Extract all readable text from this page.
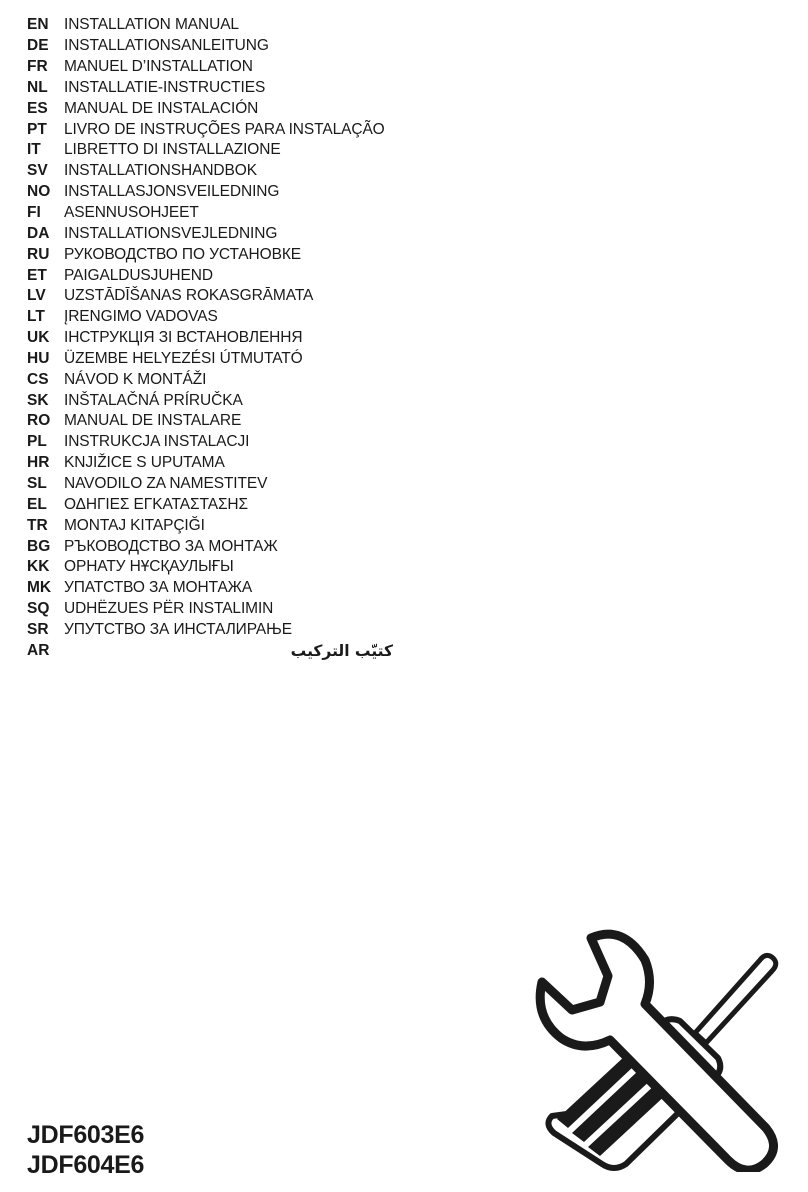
EN INSTALLATION MANUAL
DE INSTALLATIONSANLEITUNG
FR	MANUEL D’INSTALLATION
NL	INSTALLATIE-INSTRUCTIES
ES	MANUAL DE INSTALACIÓN
PT	LIVRO DE INSTRUÇÕES PARA INSTALAÇÃO
IT	LIBRETTO DI INSTALLAZIONE
SV	INSTALLATIONSHANDBOK
NO INSTALLASJONSVEILEDNING
FI	ASENNUSOHJEET
DA INSTALLATIONSVEJLEDNING
RU РУКОВОДСТВО ПО УСТАНОВКЕ
ET	PAIGALDUSJUHEND
LV	UZSTĀDĪŠANAS ROKASGRĀMATA
LT	ĮRENGIMO VADOVAS
UK ІНСТРУКЦІЯ ЗІ ВСТАНОВЛЕННЯ
HU ÜZEMBE HELYEZÉSI ÚTMUTATÓ
CS NÁVOD K MONTÁŽI
SK INŠTALAČNÁ PRÍRUČKA
RO MANUAL DE INSTALARE
PL	INSTRUKCJA INSTALACJI
HR KNJIŽICE S UPUTAMA
SL	NAVODILO ZA NAMESTITEV
EL	ΟΔΗΓΙΕΣ ΕΓΚΑΤΑΣΤΑΣΗΣ
TR	MONTAJ KITAPÇIĞI
BG РЪКОВОДСТВО ЗА МОНТАЖ
KK ОРНАТУ НҰСҚАУЛЫҒЫ
MK УПАТСТВО ЗА МОНТАЖА
SQ UDHËZUES PËR INSTALIMIN
SR УПУТСТВО ЗА ИНСТАЛИРАЊЕ
AR	كتيّب التركيب
JDF603E6
JDF604E6
